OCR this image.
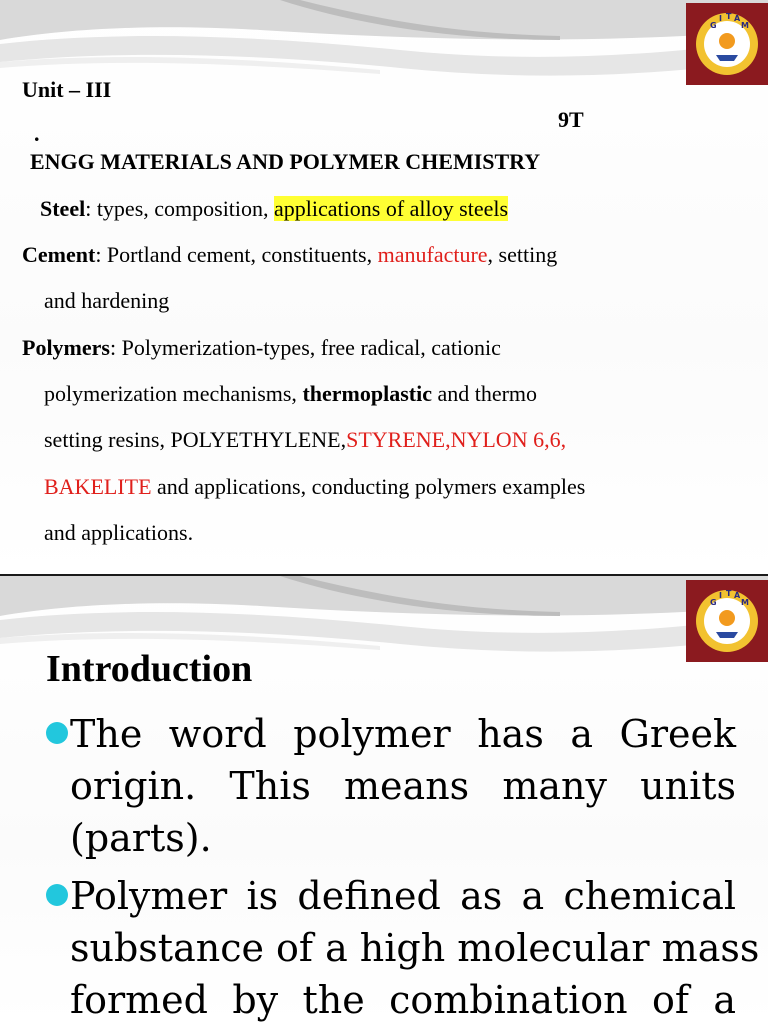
G
I T A
M
Unit – III
9T
.
ENGG MATERIALS AND POLYMER CHEMISTRY
Steel: types, composition, applications of alloy steels
Cement: Portland cement, constituents, manufacture, setting
and hardening
Polymers: Polymerization-types, free radical, cationic
polymerization mechanisms, thermoplastic and thermo
setting resins, POLYETHYLENE,STYRENE,NYLON 6,6,
BAKELITE and applications, conducting polymers examples
and applications.
G
I T A
M
Introduction
The word polymer has a Greek
origin. This means many units
(parts).
Polymer is defined as a chemical
substance of a high molecular mass
formed by the combination of a
